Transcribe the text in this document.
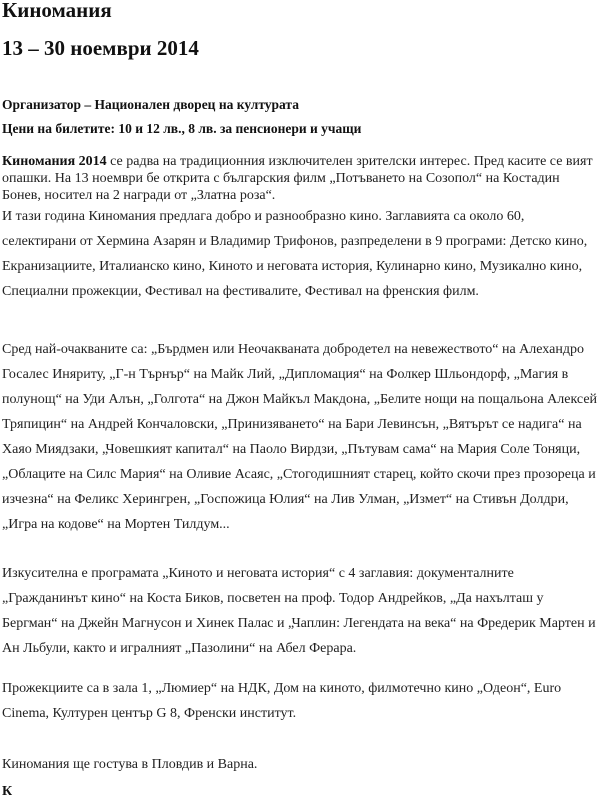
Киномания
13 – 30 ноември 2014

Организатор – Национален дворец на културата

Цени на билетите: 10 и 12 лв., 8 лв. за пенсионери и учащи

Киномания 2014 се радва на традиционния изключителен зрителски интерес. Пред касите се вият опашки. На 13 ноември бе открита с българския филм „Потъването на Созопол“ на Костадин Бонев, носител на 2 награди от „Златна роза“.

И тази година Киномания предлага добро и разнообразно кино. Заглавията са около 60, селектирани от Хермина Азарян и Владимир Трифонов, разпределени в 9 програми: Детско кино, Екранизациите, Италианско кино, Киното и неговата история, Кулинарно кино, Музикално кино, Специални прожекции, Фестивал на фестивалите, Фестивал на френския филм.

Сред най-очакваните са: „Бърдмен или Неочакваната добродетел на невежеството“ на Алехандро Госалес Иняриту, „Г-н Търнър“ на Майк Лий, „Дипломация“ на Фолкер Шльондорф, „Магия в полунощ“ на Уди Алън, „Голгота“ на Джон Майкъл Макдона, „Белите нощи на пощальона Алексей Тряпицин“ на Андрей Кончаловски, „Принизяването“ на Бари Левинсън, „Вятърът се надига“ на Хаяо Миядзаки, „Човешкият капитал“ на Паоло Вирдзи, „Пътувам сама“ на Мария Соле Тоняци, „Облаците на Силс Мария“ на Оливие Асаяс, „Стогодишният старец, който скочи през прозореца и изчезна“ на Феликс Херингрен, „Госпожица Юлия“ на Лив Улман, „Измет“ на Стивън Долдри, „Игра на кодове“ на Мортен Тилдум...

Изкусителна е програмата „Киното и неговата история“ с 4 заглавия: документалните „Гражданинът кино“ на Коста Биков, посветен на проф. Тодор Андрейков, „Да нахълташ у Бергман“ на Джейн Магнусон и Хинек Палас и „Чаплин: Легендата на века“ на Фредерик Мартен и Ан Льбули, както и игралният „Пазолини“ на Абел Ферара.

Прожекциите са в зала 1, „Люмиер“ на НДК, Дом на киното, филмотечно кино „Одеон“, Euro Cinema, Културен център G 8, Френски институт.

Киномания ще гостува в Пловдив и Варна.

К
